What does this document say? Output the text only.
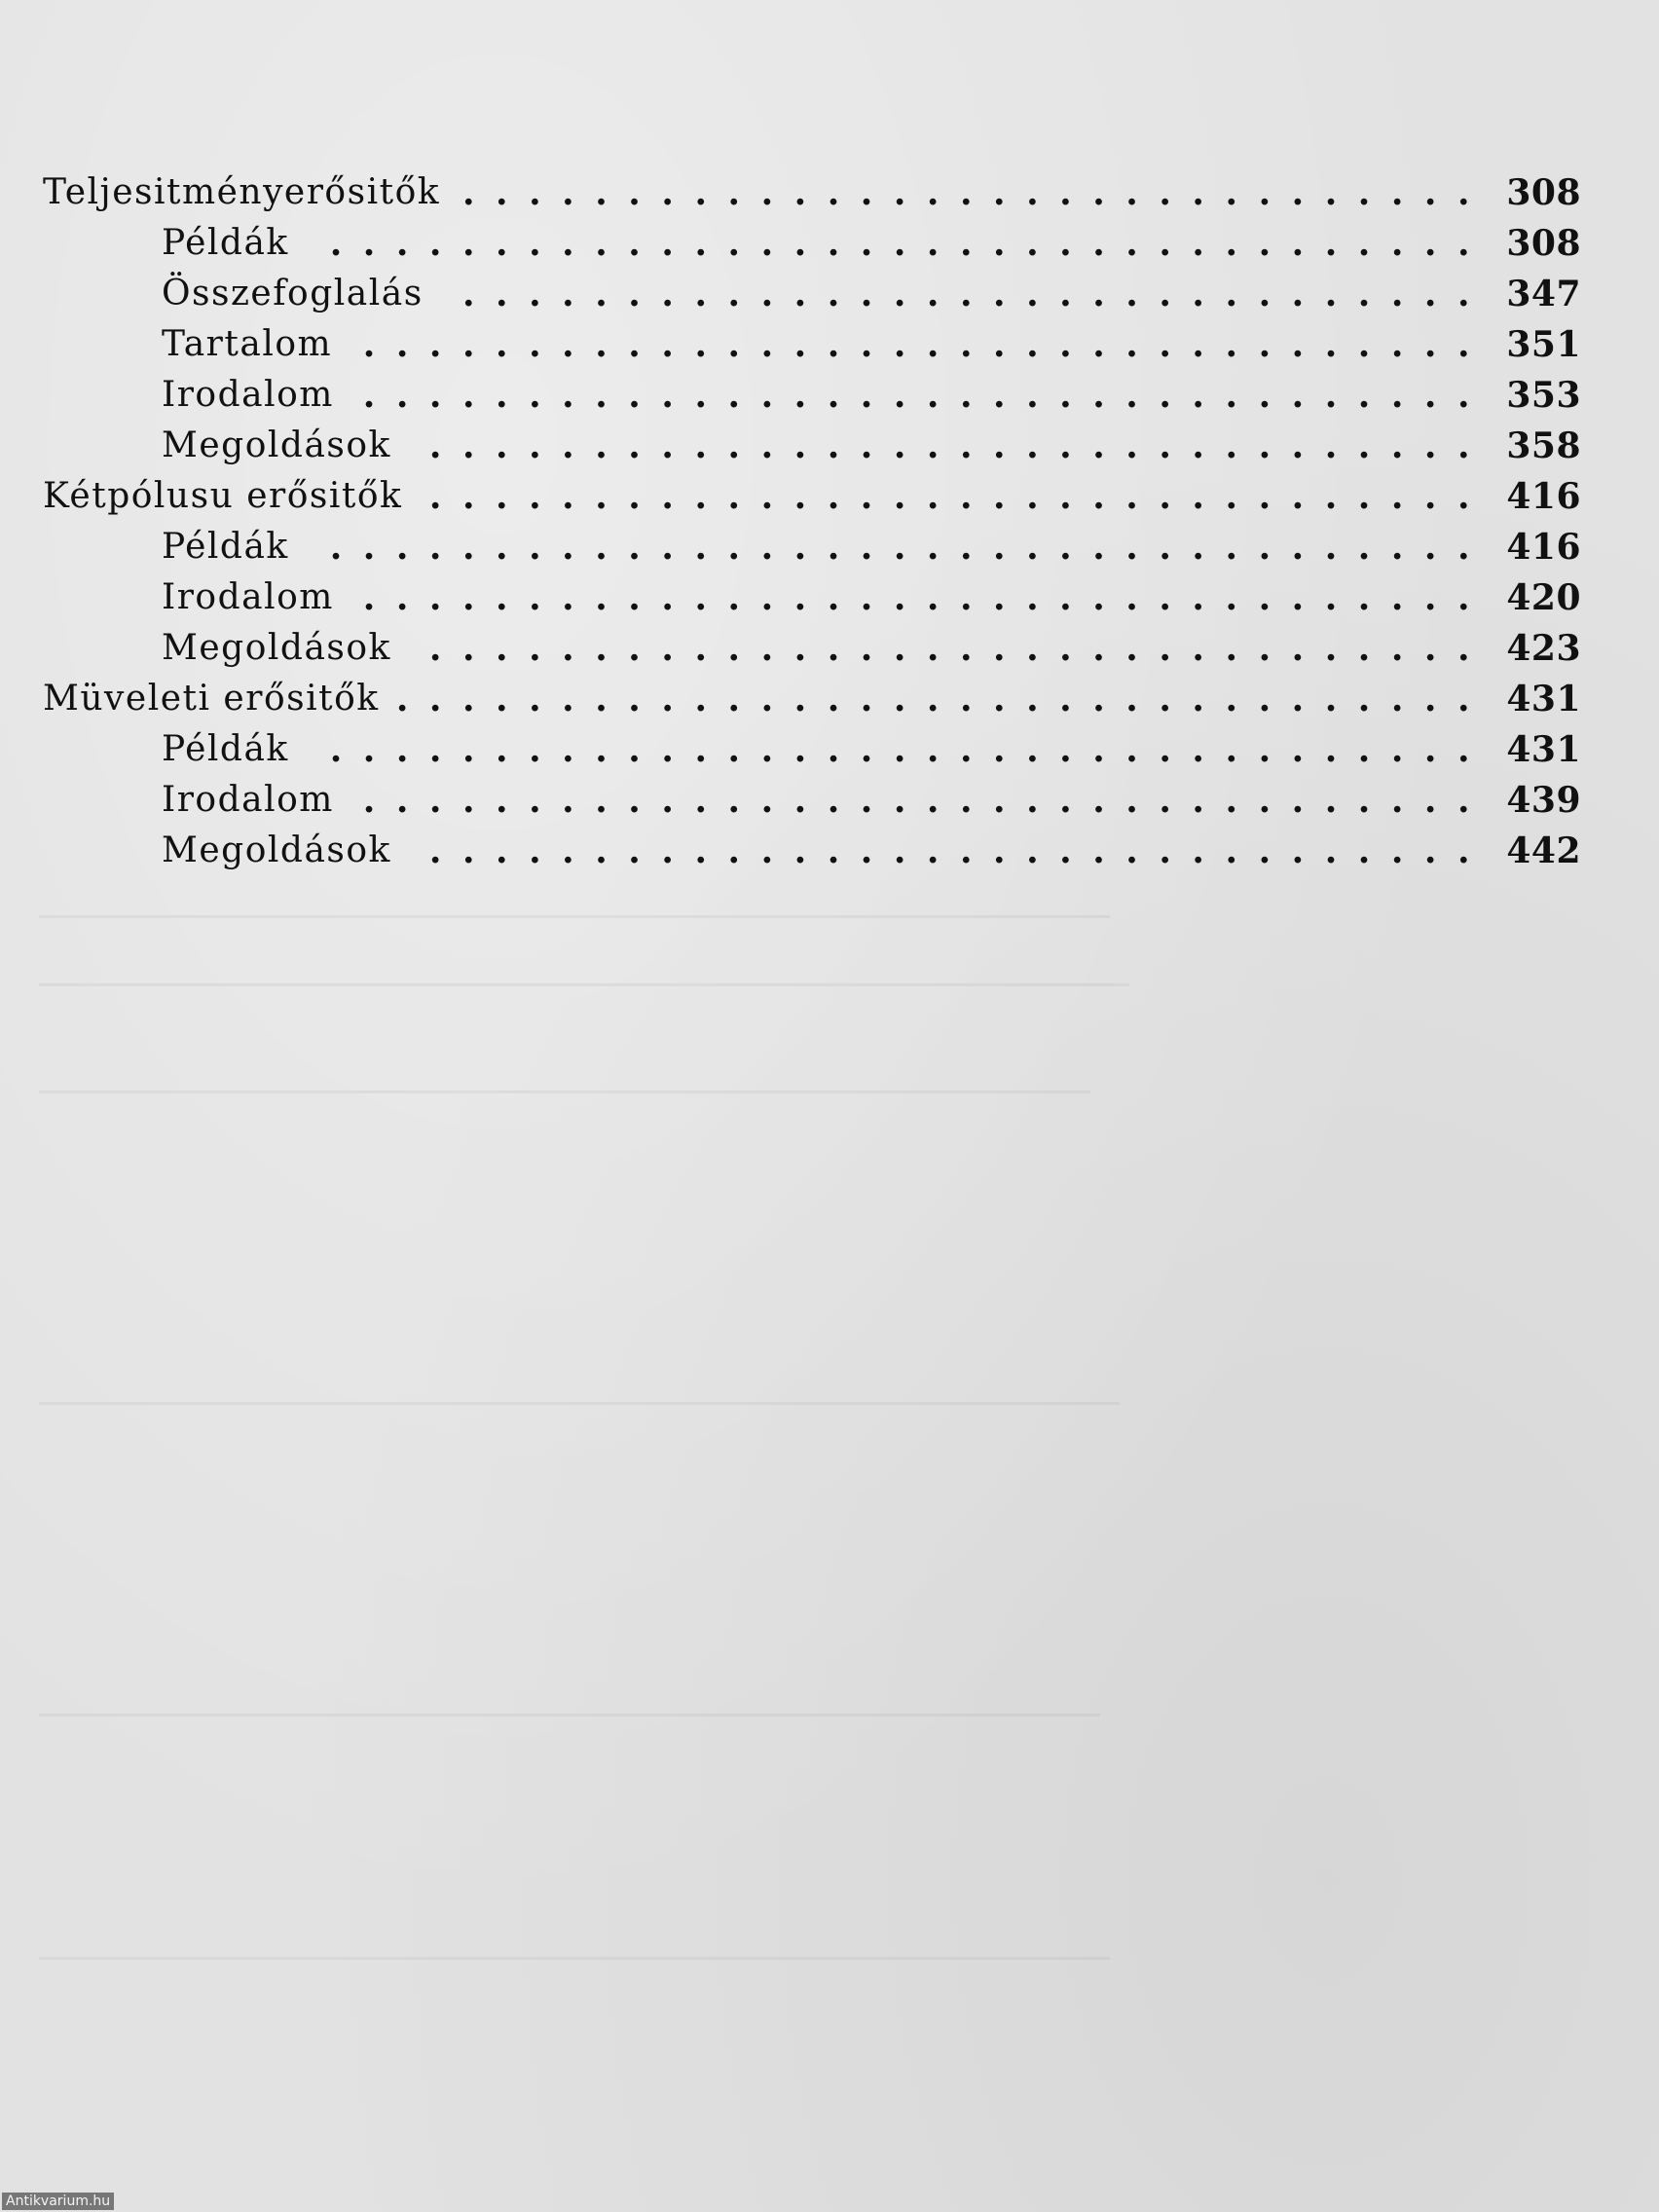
Teljesitményerősitők . . .	308
Példák . . .	308
Összefoglalás . . .	347
Tartalom . . .	351
Irodalom . . .	353
Megoldások . . .	358
Kétpólusu erősitők . . .	416
Példák . . .	416
Irodalom . . .	420
Megoldások . . .	423
Müveleti erősitők . . .	431
Példák . . .	431
Irodalom . . .	439
Megoldások . . .	442
Antikvarium.hu
